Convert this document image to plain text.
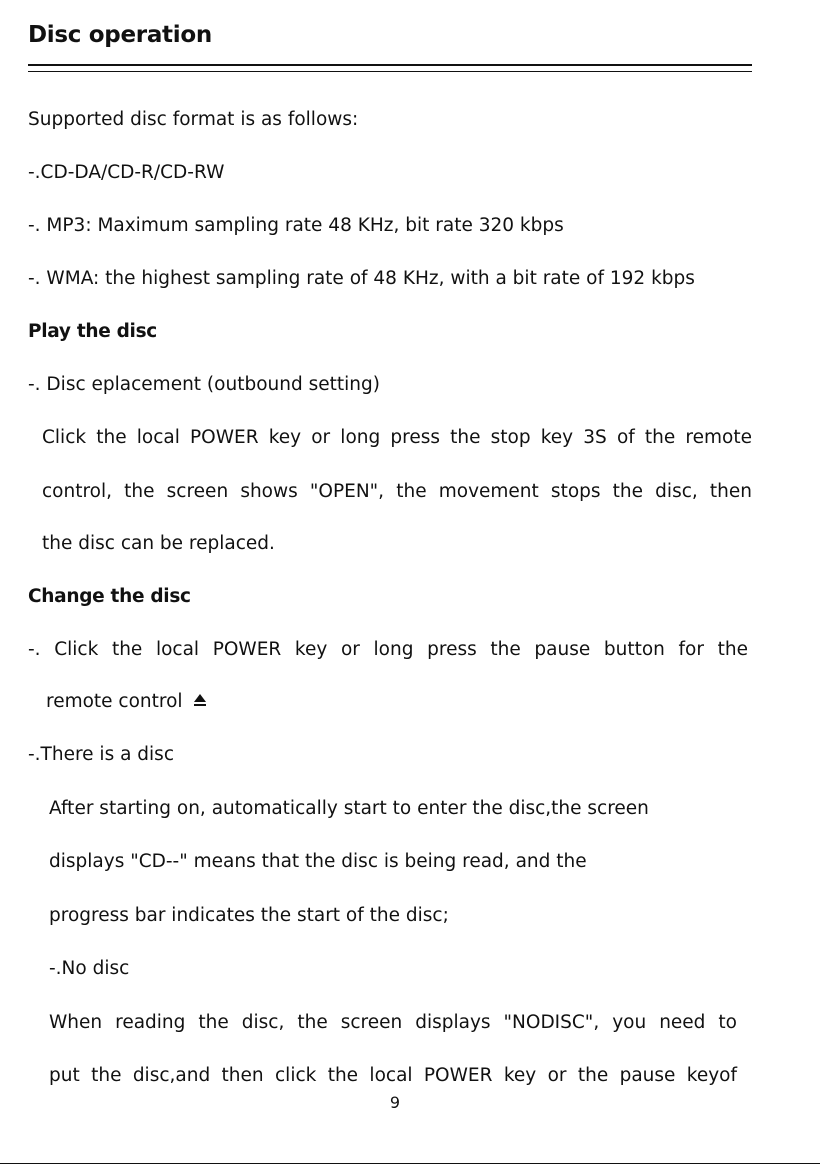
Disc operation
Supported disc format is as follows:
-.CD-DA/CD-R/CD-RW
-. MP3: Maximum sampling rate 48 KHz, bit rate 320 kbps
-. WMA: the highest sampling rate of 48 KHz, with a bit rate of 192 kbps
Play the disc
-. Disc eplacement (outbound setting)
Click the local POWER key or long press the stop key 3S of the remote
control, the screen shows "OPEN", the movement stops the disc, then
the disc can be replaced.
Change the disc
-. Click the local POWER key or long press the pause button for the
remote control
-.There is a disc
After starting on, automatically start to enter the disc,the screen
displays "CD--" means that the disc is being read, and the
progress bar indicates the start of the disc;
-.No disc
When reading the disc, the screen displays "NODISC", you need to
put the disc,and then click the local POWER key or the pause keyof
9
